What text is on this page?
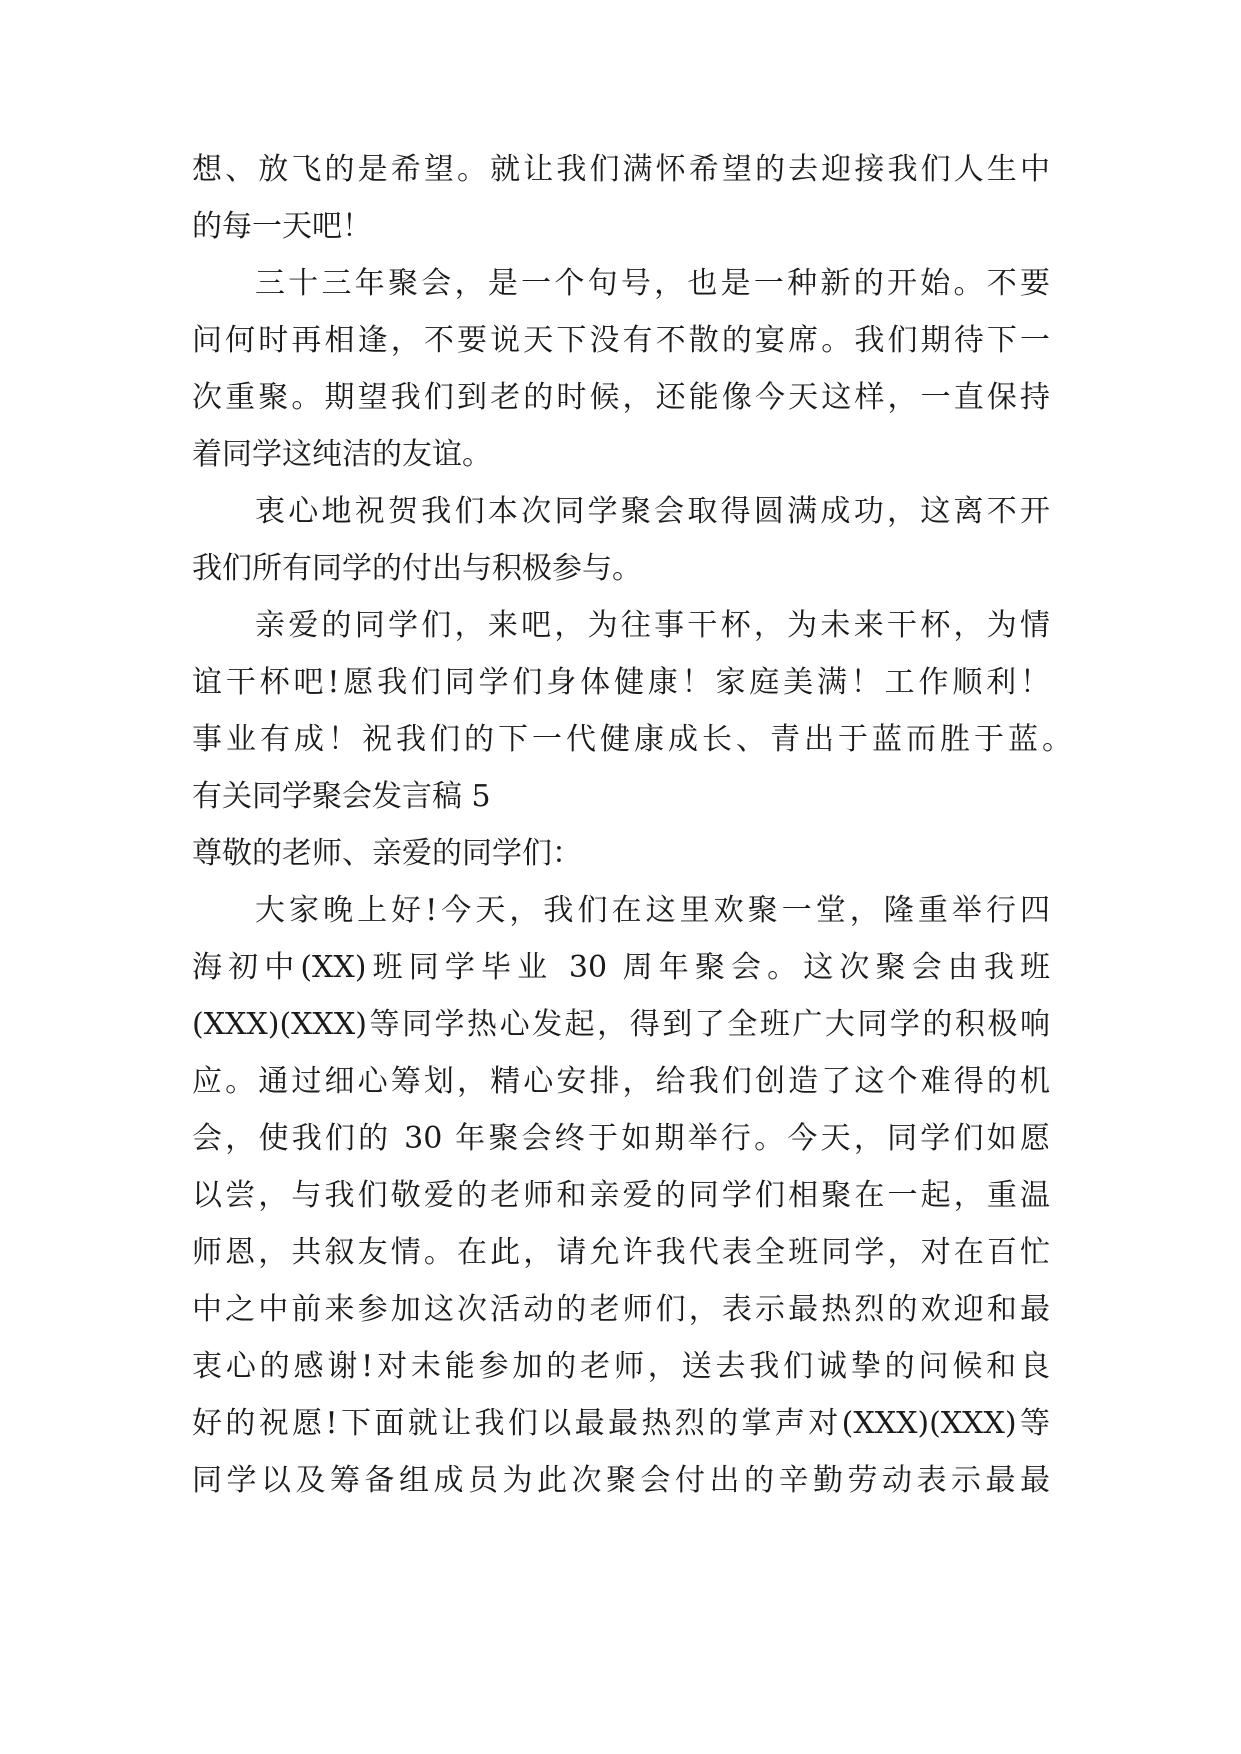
想、放飞的是希望。就让我们满怀希望的去迎接我们人生中
的每一天吧！
三十三年聚会，是一个句号，也是一种新的开始。不要
问何时再相逢，不要说天下没有不散的宴席。我们期待下一
次重聚。期望我们到老的时候，还能像今天这样，一直保持
着同学这纯洁的友谊。
衷心地祝贺我们本次同学聚会取得圆满成功，这离不开
我们所有同学的付出与积极参与。
亲爱的同学们，来吧，为往事干杯，为未来干杯，为情
谊干杯吧!愿我们同学们身体健康！家庭美满！工作顺利！
事业有成！祝我们的下一代健康成长、青出于蓝而胜于蓝。
有关同学聚会发言稿 5
尊敬的老师、亲爱的同学们：
大家晚上好!今天，我们在这里欢聚一堂，隆重举行四
海初中(XX)班同学毕业 30 周年聚会。这次聚会由我班
(XXX)(XXX)等同学热心发起，得到了全班广大同学的积极响
应。通过细心筹划，精心安排，给我们创造了这个难得的机
会，使我们的 30 年聚会终于如期举行。今天，同学们如愿
以尝，与我们敬爱的老师和亲爱的同学们相聚在一起，重温
师恩，共叙友情。在此，请允许我代表全班同学，对在百忙
中之中前来参加这次活动的老师们，表示最热烈的欢迎和最
衷心的感谢!对未能参加的老师，送去我们诚挚的问候和良
好的祝愿!下面就让我们以最最热烈的掌声对(XXX)(XXX)等
同学以及筹备组成员为此次聚会付出的辛勤劳动表示最最
